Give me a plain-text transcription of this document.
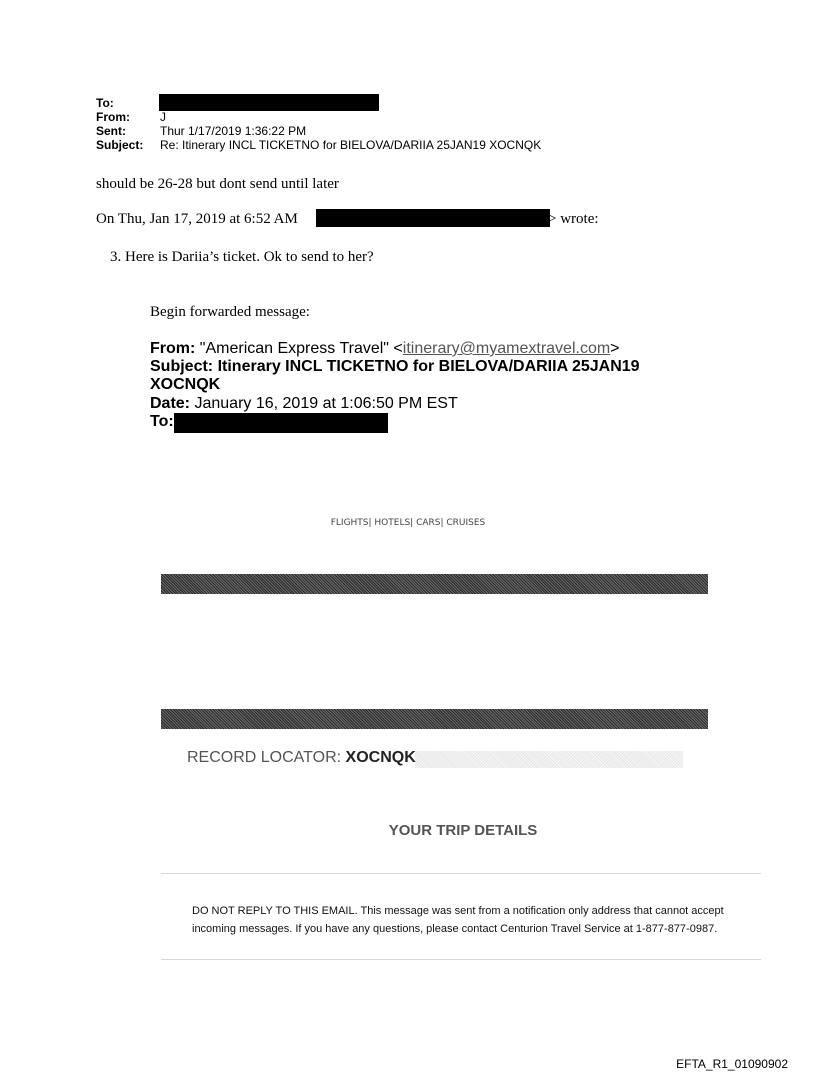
To:
From:	J
Sent:	Thur 1/17/2019 1:36:22 PM
Subject: Re: Itinerary INCL TICKETNO for BIELOVA/DARIIA 25JAN19 XOCNQK
should be 26-28 but dont send until later
On Thu, Jan 17, 2019 at 6:52 AM	> wrote:
3. Here is Dariia’s ticket. Ok to send to her?
Begin forwarded message:
From: "American Express Travel" <itinerary@myamextravel.com>
Subject: Itinerary INCL TICKETNO for BIELOVA/DARIIA 25JAN19
XOCNQK
Date: January 16, 2019 at 1:06:50 PM EST
To:
FLIGHTS| HOTELS| CARS| CRUISES
RECORD LOCATOR: XOCNQK
YOUR TRIP DETAILS
DO NOT REPLY TO THIS EMAIL. This message was sent from a notification only address that cannot accept incoming messages. If you have any questions, please contact Centurion Travel Service at 1-877-877-0987.
EFTA_R1_01090902
